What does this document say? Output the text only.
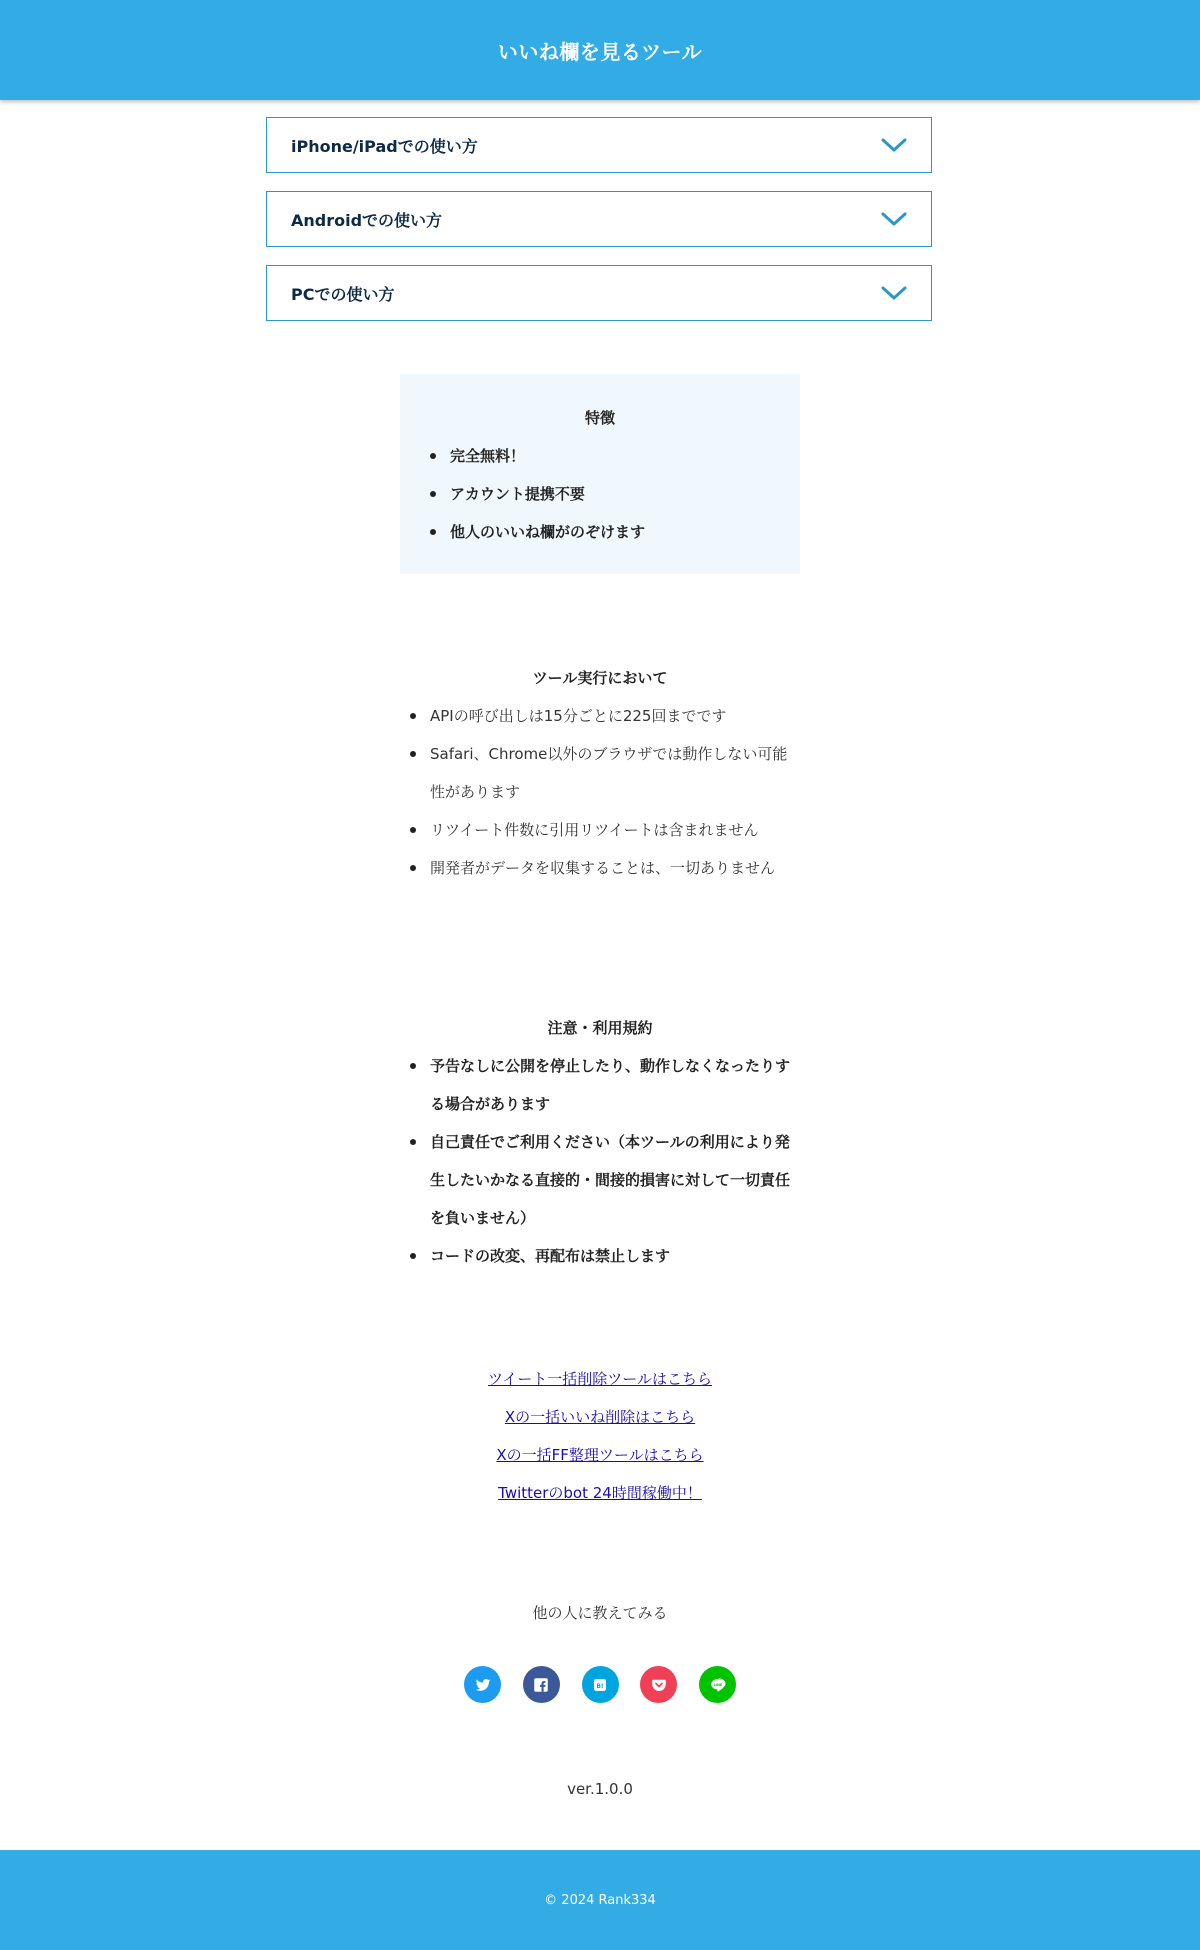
いいね欄を見るツール
iPhone/iPadでの使い方
Androidでの使い方
PCでの使い方
特徴
完全無料！
アカウント提携不要
他人のいいね欄がのぞけます
ツール実行において
APIの呼び出しは15分ごとに225回までです
Safari、Chrome以外のブラウザでは動作しない可能性があります
リツイート件数に引用リツイートは含まれません
開発者がデータを収集することは、一切ありません
注意・利用規約
予告なしに公開を停止したり、動作しなくなったりする場合があります
自己責任でご利用ください（本ツールの利用により発生したいかなる直接的・間接的損害に対して一切責任を負いません）
コードの改変、再配布は禁止します
ツイート一括削除ツールはこちら
Xの一括いいね削除はこちら
Xの一括FF整理ツールはこちら
Twitterのbot 24時間稼働中！
他の人に教えてみる
B!	LINE
ver.1.0.0
© 2024 Rank334
